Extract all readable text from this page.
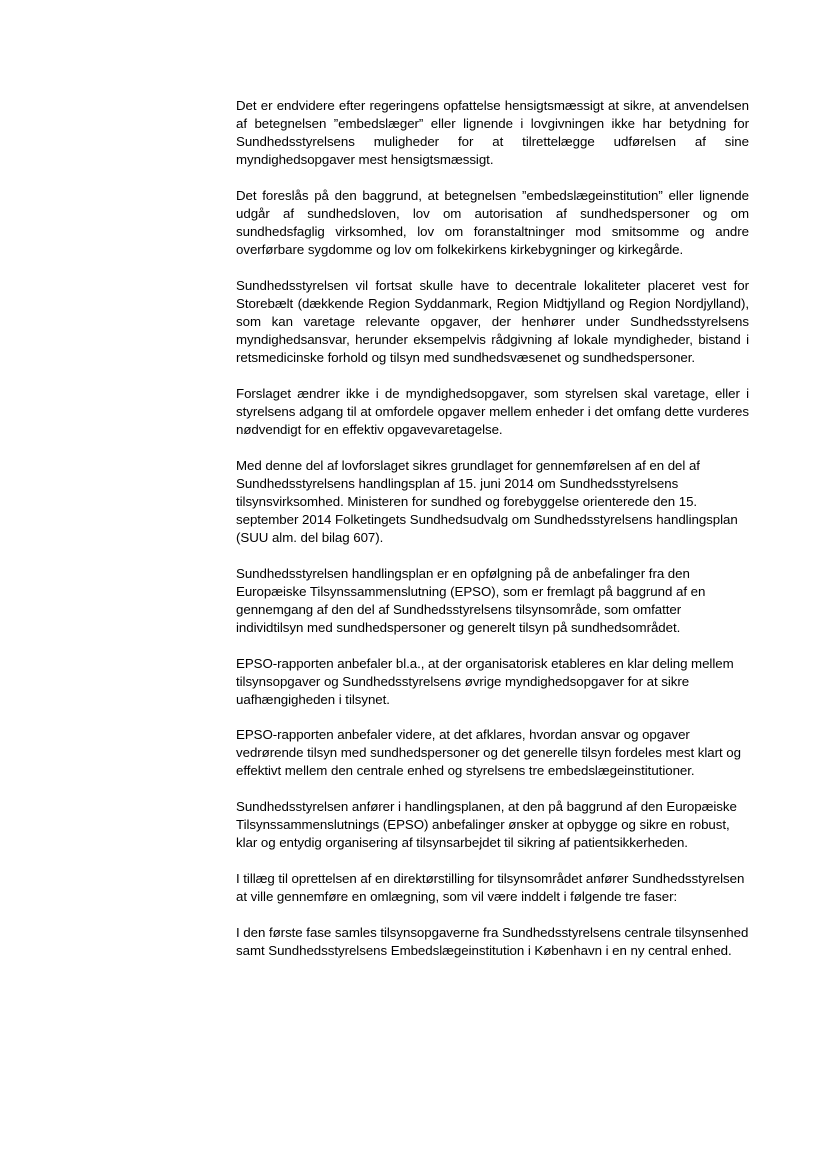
Det er endvidere efter regeringens opfattelse hensigtsmæssigt at sikre, at anvendelsen af betegnelsen ”embedslæger” eller lignende i lovgivningen ikke har betydning for Sundhedsstyrelsens muligheder for at tilrettelægge udførelsen af sine myndighedsopgaver mest hensigtsmæssigt.

Det foreslås på den baggrund, at betegnelsen ”embedslægeinstitution” eller lignende udgår af sundhedsloven, lov om autorisation af sundhedspersoner og om sundhedsfaglig virksomhed, lov om foranstaltninger mod smitsomme og andre overførbare sygdomme og lov om folkekirkens kirkebygninger og kirkegårde.

Sundhedsstyrelsen vil fortsat skulle have to decentrale lokaliteter placeret vest for Storebælt (dækkende Region Syddanmark, Region Midtjylland og Region Nordjylland), som kan varetage relevante opgaver, der henhører under Sundhedsstyrelsens myndighedsansvar, herunder eksempelvis rådgivning af lokale myndigheder, bistand i retsmedicinske forhold og tilsyn med sundhedsvæsenet og sundhedspersoner.

Forslaget ændrer ikke i de myndighedsopgaver, som styrelsen skal varetage, eller i styrelsens adgang til at omfordele opgaver mellem enheder i det omfang dette vurderes nødvendigt for en effektiv opgavevaretagelse.

Med denne del af lovforslaget sikres grundlaget for gennemførelsen af en del af Sundhedsstyrelsens handlingsplan af 15. juni 2014 om Sundhedsstyrelsens tilsynsvirksomhed. Ministeren for sundhed og forebyggelse orienterede den 15. september 2014 Folketingets Sundhedsudvalg om Sundhedsstyrelsens handlingsplan (SUU alm. del bilag 607).

Sundhedsstyrelsen handlingsplan er en opfølgning på de anbefalinger fra den Europæiske Tilsynssammenslutning (EPSO), som er fremlagt på baggrund af en gennemgang af den del af Sundhedsstyrelsens tilsynsområde, som omfatter individtilsyn med sundhedspersoner og generelt tilsyn på sundhedsområdet.

EPSO-rapporten anbefaler bl.a., at der organisatorisk etableres en klar deling mellem tilsynsopgaver og Sundhedsstyrelsens øvrige myndighedsopgaver for at sikre uafhængigheden i tilsynet.

EPSO-rapporten anbefaler videre, at det afklares, hvordan ansvar og opgaver vedrørende tilsyn med sundhedspersoner og det generelle tilsyn fordeles mest klart og effektivt mellem den centrale enhed og styrelsens tre embedslægeinstitutioner.

Sundhedsstyrelsen anfører i handlingsplanen, at den på baggrund af den Europæiske Tilsynssammenslutnings (EPSO) anbefalinger ønsker at opbygge og sikre en robust, klar og entydig organisering af tilsynsarbejdet til sikring af patientsikkerheden.

I tillæg til oprettelsen af en direktørstilling for tilsynsområdet anfører Sundhedsstyrelsen at ville gennemføre en omlægning, som vil være inddelt i følgende tre faser:

I den første fase samles tilsynsopgaverne fra Sundhedsstyrelsens centrale tilsynsenhed samt Sundhedsstyrelsens Embedslægeinstitution i København i en ny central enhed.
